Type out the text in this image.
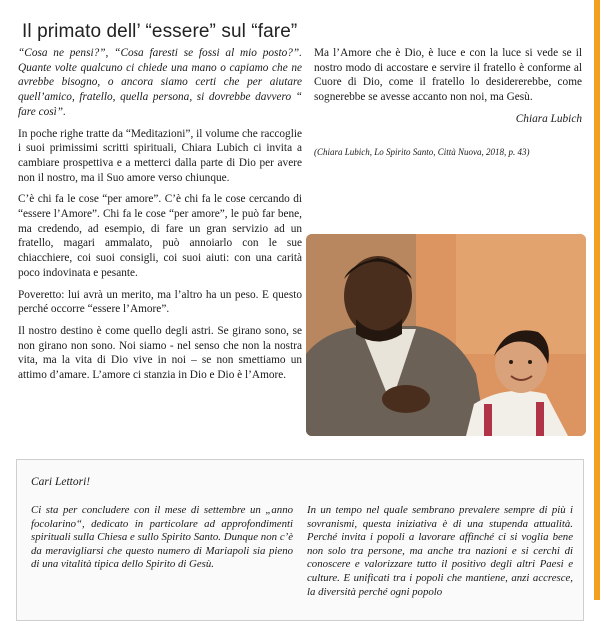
Il primato dell’ “essere” sul “fare”

“Cosa ne pensi?”, “Cosa faresti se fossi al mio posto?”. Quante volte qualcuno ci chiede una mano o capiamo che ne avrebbe bisogno, o ancora siamo certi che per aiutare quell’amico, fratello, quella persona, si dovrebbe davvero “ fare così”.

In poche righe tratte da “Meditazioni”, il volume che raccoglie i suoi primissimi scritti spirituali, Chiara Lubich ci invita a cambiare prospettiva e a metterci dalla parte di Dio per avere non il nostro, ma il Suo amore verso chiunque.

C’è chi fa le cose “per amore”. C’è chi fa le cose cercando di “essere l’Amore”. Chi fa le cose “per amore”, le può far bene, ma credendo, ad esempio, di fare un gran servizio ad un fratello, magari ammalato, può annoiarlo con le sue chiacchiere, coi suoi consigli, coi suoi aiuti: con una carità poco indovinata e pesante.

Poveretto: lui avrà un merito, ma l’altro ha un peso. E questo perché occorre “essere l’Amore”.

Il nostro destino è come quello degli astri. Se girano sono, se non girano non sono. Noi siamo - nel senso che non la nostra vita, ma la vita di Dio vive in noi – se non smettiamo un attimo d’amare. L’amore ci stanzia in Dio e Dio è l’Amore.

Ma l’Amore che è Dio, è luce e con la luce si vede se il nostro modo di accostare e servire il fratello è conforme al Cuore di Dio, come il fratello lo desidererebbe, come sognerebbe se avesse accanto non noi, ma Gesù.

Chiara Lubich
(Chiara Lubich, Lo Spirito Santo, Città Nuova, 2018, p. 43)
Cari Lettori!
Ci sta per concludere con il mese di settembre un „anno focolarino“, dedicato in particolare ad approfondimenti spirituali sulla Chiesa e sullo Spirito Santo. Dunque non c’è da meravigliarsi che questo numero di Mariapoli sia pieno di una vitalità tipica dello Spirito di Gesù.
In un tempo nel quale sembrano prevalere sempre di più i sovranismi, questa iniziativa è di una stupenda attualità. Perché invita i popoli a lavorare affinché ci si voglia bene non solo tra persone, ma anche tra nazioni e si cerchi di conoscere e valorizzare tutto il positivo degli altri Paesi e culture. E unificati tra i popoli che mantiene, anzi accresce, la diversità perché ogni popolo
